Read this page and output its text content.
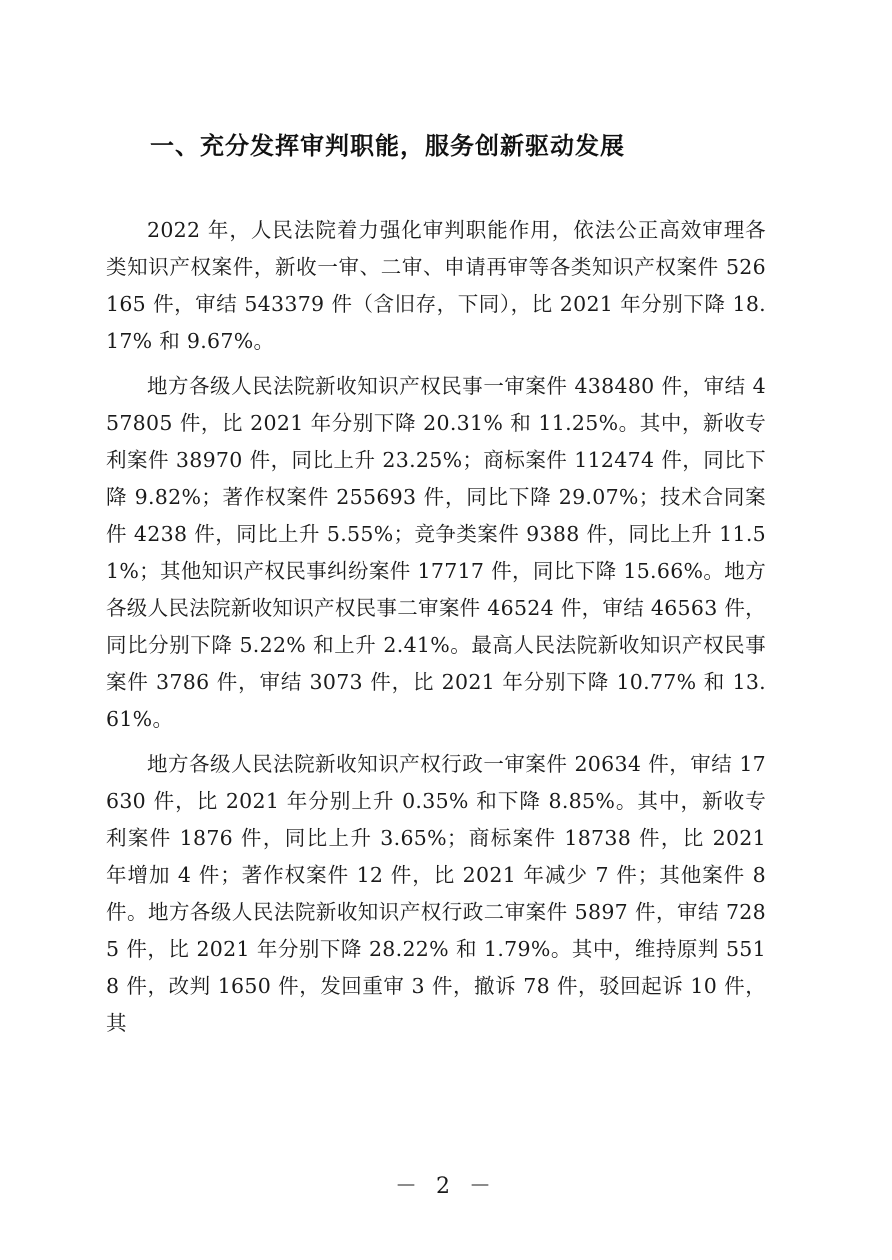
一、充分发挥审判职能，服务创新驱动发展

2022 年，人民法院着力强化审判职能作用，依法公正高效审理各类知识产权案件，新收一审、二审、申请再审等各类知识产权案件 526165 件，审结 543379 件（含旧存，下同），比 2021 年分别下降 18.17% 和 9.67%。

地方各级人民法院新收知识产权民事一审案件 438480 件，审结 457805 件，比 2021 年分别下降 20.31% 和 11.25%。其中，新收专利案件 38970 件，同比上升 23.25%；商标案件 112474 件，同比下降 9.82%；著作权案件 255693 件，同比下降 29.07%；技术合同案件 4238 件，同比上升 5.55%；竞争类案件 9388 件，同比上升 11.51%；其他知识产权民事纠纷案件 17717 件，同比下降 15.66%。地方各级人民法院新收知识产权民事二审案件 46524 件，审结 46563 件，同比分别下降 5.22% 和上升 2.41%。最高人民法院新收知识产权民事案件 3786 件，审结 3073 件，比 2021 年分别下降 10.77% 和 13.61%。

地方各级人民法院新收知识产权行政一审案件 20634 件，审结 17630 件，比 2021 年分别上升 0.35% 和下降 8.85%。其中，新收专利案件 1876 件，同比上升 3.65%；商标案件 18738 件，比 2021 年增加 4 件；著作权案件 12 件，比 2021 年减少 7 件；其他案件 8 件。地方各级人民法院新收知识产权行政二审案件 5897 件，审结 7285 件，比 2021 年分别下降 28.22% 和 1.79%。其中，维持原判 5518 件，改判 1650 件，发回重审 3 件，撤诉 78 件，驳回起诉 10 件，其

－ 2 －
